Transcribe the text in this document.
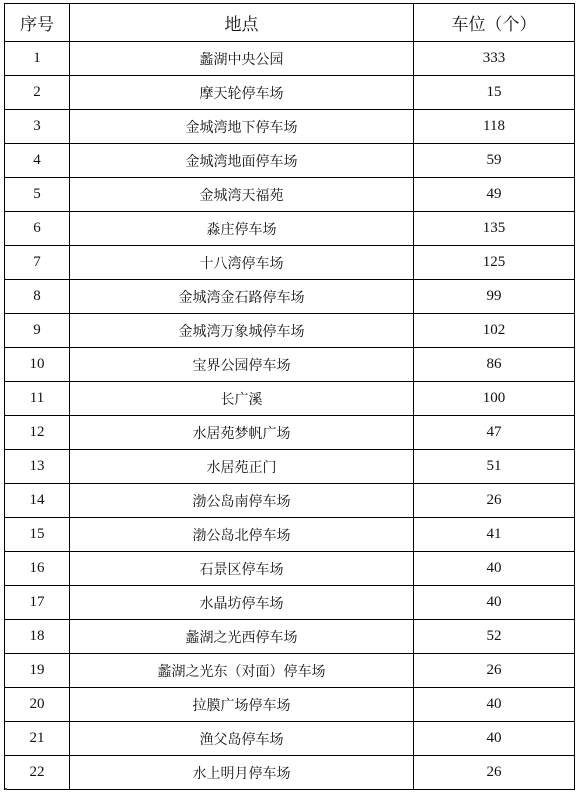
序号	地点	车位（个）
1	蠡湖中央公园	333
2	摩天轮停车场	15
3	金城湾地下停车场	118
4	金城湾地面停车场	59
5	金城湾天福苑	49
6	淼庄停车场	135
7	十八湾停车场	125
8	金城湾金石路停车场	99
9	金城湾万象城停车场	102
10	宝界公园停车场	86
11	长广溪	100
12	水居苑梦帆广场	47
13	水居苑正门	51
14	渤公岛南停车场	26
15	渤公岛北停车场	41
16	石景区停车场	40
17	水晶坊停车场	40
18	蠡湖之光西停车场	52
19	蠡湖之光东（对面）停车场	26
20	拉膜广场停车场	40
21	渔父岛停车场	40
22	水上明月停车场	26
